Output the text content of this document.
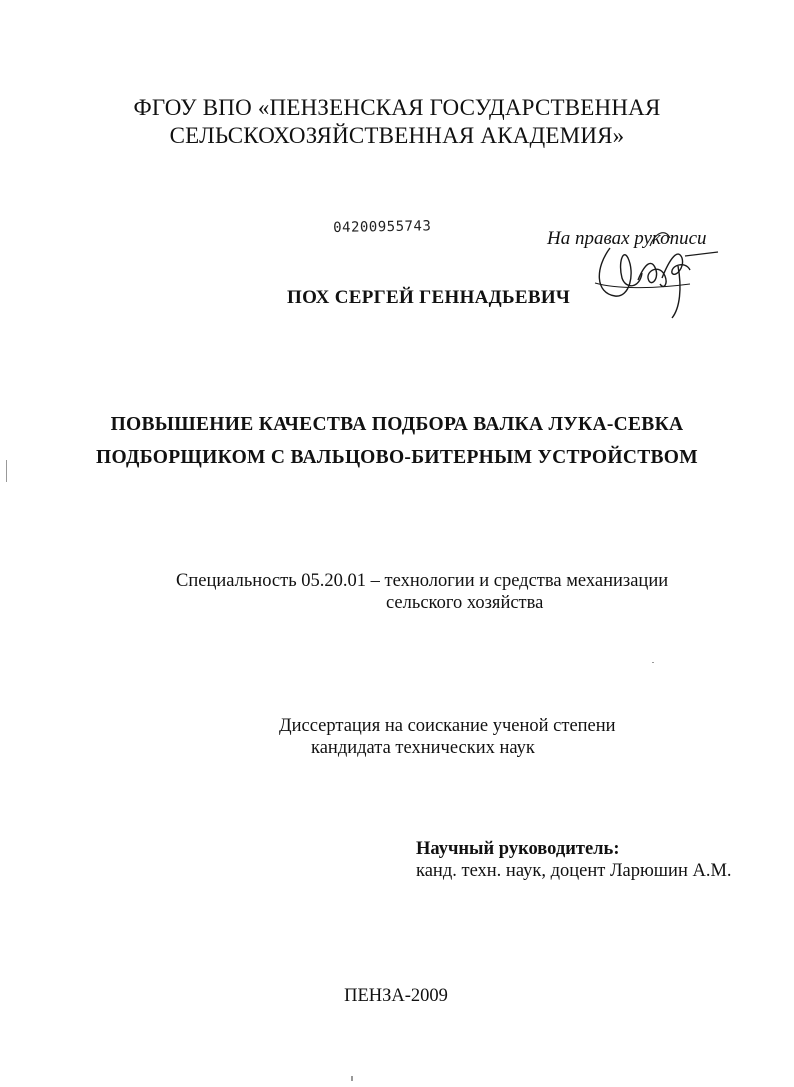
ФГОУ ВПО «ПЕНЗЕНСКАЯ ГОСУДАРСТВЕННАЯ
СЕЛЬСКОХОЗЯЙСТВЕННАЯ АКАДЕМИЯ»
04200955743
На правах рукописи
ПОХ СЕРГЕЙ ГЕННАДЬЕВИЧ
ПОВЫШЕНИЕ КАЧЕСТВА ПОДБОРА ВАЛКА ЛУКА-СЕВКА
ПОДБОРЩИКОМ С ВАЛЬЦОВО-БИТЕРНЫМ УСТРОЙСТВОМ
Специальность 05.20.01 – технологии и средства механизации
сельского хозяйства
Диссертация на соискание ученой степени
кандидата технических наук
Научный руководитель:
канд. техн. наук, доцент Ларюшин А.М.
ПЕНЗА-2009
